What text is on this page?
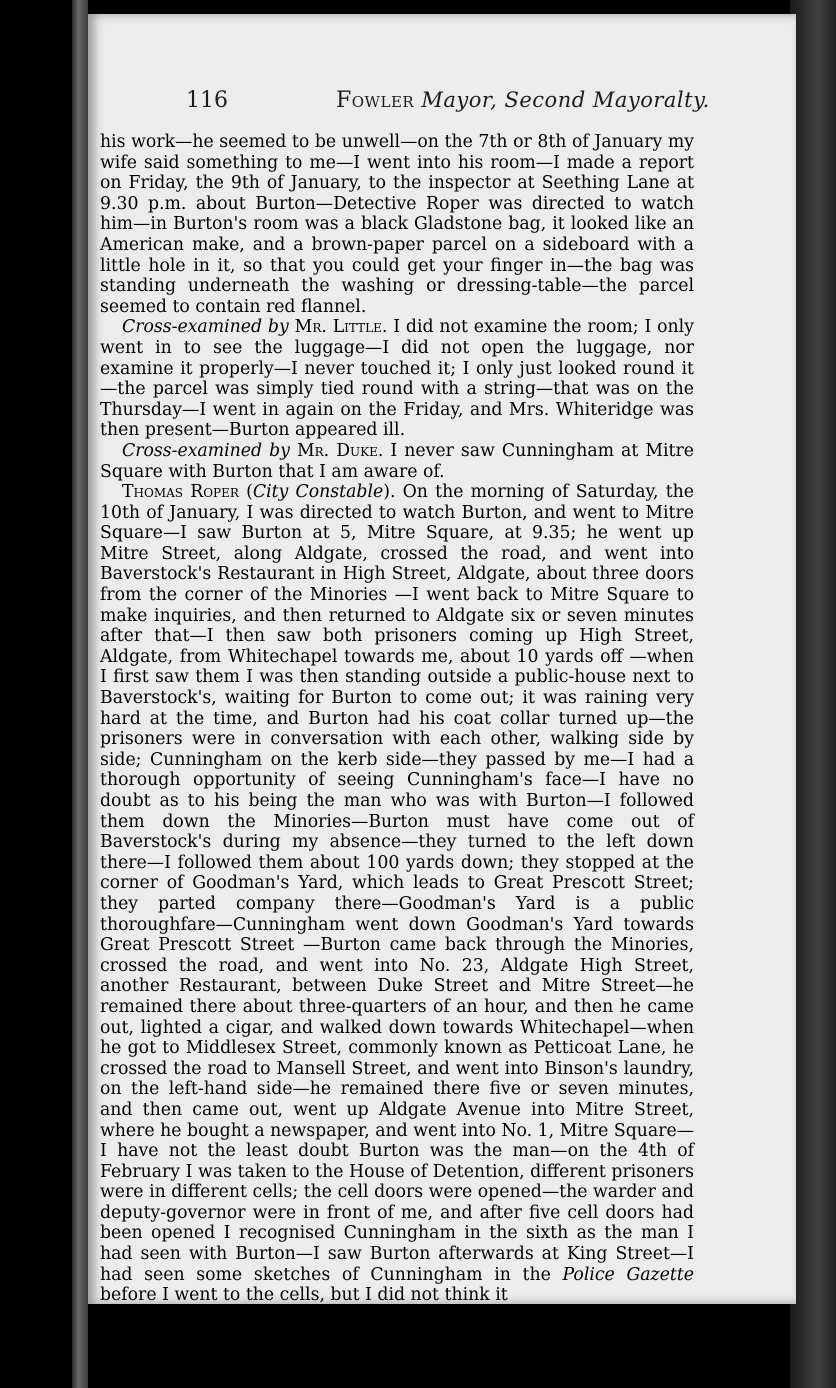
116	Fowler Mayor, Second Mayoralty.

his work—he seemed to be unwell—on the 7th or 8th of January my wife said something to me—I went into his room—I made a report on Friday, the 9th of January, to the inspector at Seething Lane at 9.30 p.m. about Burton—Detective Roper was directed to watch him—in Burton's room was a black Gladstone bag, it looked like an American make, and a brown-paper parcel on a sideboard with a little hole in it, so that you could get your finger in—the bag was standing underneath the washing or dressing-table—the parcel seemed to contain red flannel.

Cross-examined by Mr. Little. I did not examine the room; I only went in to see the luggage—I did not open the luggage, nor examine it properly—I never touched it; I only just looked round it—the parcel was simply tied round with a string—that was on the Thursday—I went in again on the Friday, and Mrs. Whiteridge was then present—Burton appeared ill.

Cross-examined by Mr. Duke. I never saw Cunningham at Mitre Square with Burton that I am aware of.

Thomas Roper (City Constable). On the morning of Saturday, the 10th of January, I was directed to watch Burton, and went to Mitre Square—I saw Burton at 5, Mitre Square, at 9.35; he went up Mitre Street, along Aldgate, crossed the road, and went into Baverstock's Restaurant in High Street, Aldgate, about three doors from the corner of the Minories —I went back to Mitre Square to make inquiries, and then returned to Aldgate six or seven minutes after that—I then saw both prisoners coming up High Street, Aldgate, from Whitechapel towards me, about 10 yards off —when I first saw them I was then standing outside a public-house next to Baverstock's, waiting for Burton to come out; it was raining very hard at the time, and Burton had his coat collar turned up—the prisoners were in conversation with each other, walking side by side; Cunningham on the kerb side—they passed by me—I had a thorough opportunity of seeing Cunningham's face—I have no doubt as to his being the man who was with Burton—I followed them down the Minories—Burton must have come out of Baverstock's during my absence—they turned to the left down there—I followed them about 100 yards down; they stopped at the corner of Goodman's Yard, which leads to Great Prescott Street; they parted company there—Goodman's Yard is a public thoroughfare—Cunningham went down Goodman's Yard towards Great Prescott Street —Burton came back through the Minories, crossed the road, and went into No. 23, Aldgate High Street, another Restaurant, between Duke Street and Mitre Street—he remained there about three-quarters of an hour, and then he came out, lighted a cigar, and walked down towards Whitechapel—when he got to Middlesex Street, commonly known as Petticoat Lane, he crossed the road to Mansell Street, and went into Binson's laundry, on the left-hand side—he remained there five or seven minutes, and then came out, went up Aldgate Avenue into Mitre Street, where he bought a newspaper, and went into No. 1, Mitre Square—I have not the least doubt Burton was the man—on the 4th of February I was taken to the House of Detention, different prisoners were in different cells; the cell doors were opened—the warder and deputy-governor were in front of me, and after five cell doors had been opened I recognised Cunningham in the sixth as the man I had seen with Burton—I saw Burton afterwards at King Street—I had seen some sketches of Cunningham in the Police Gazette before I went to the cells, but I did not think it
